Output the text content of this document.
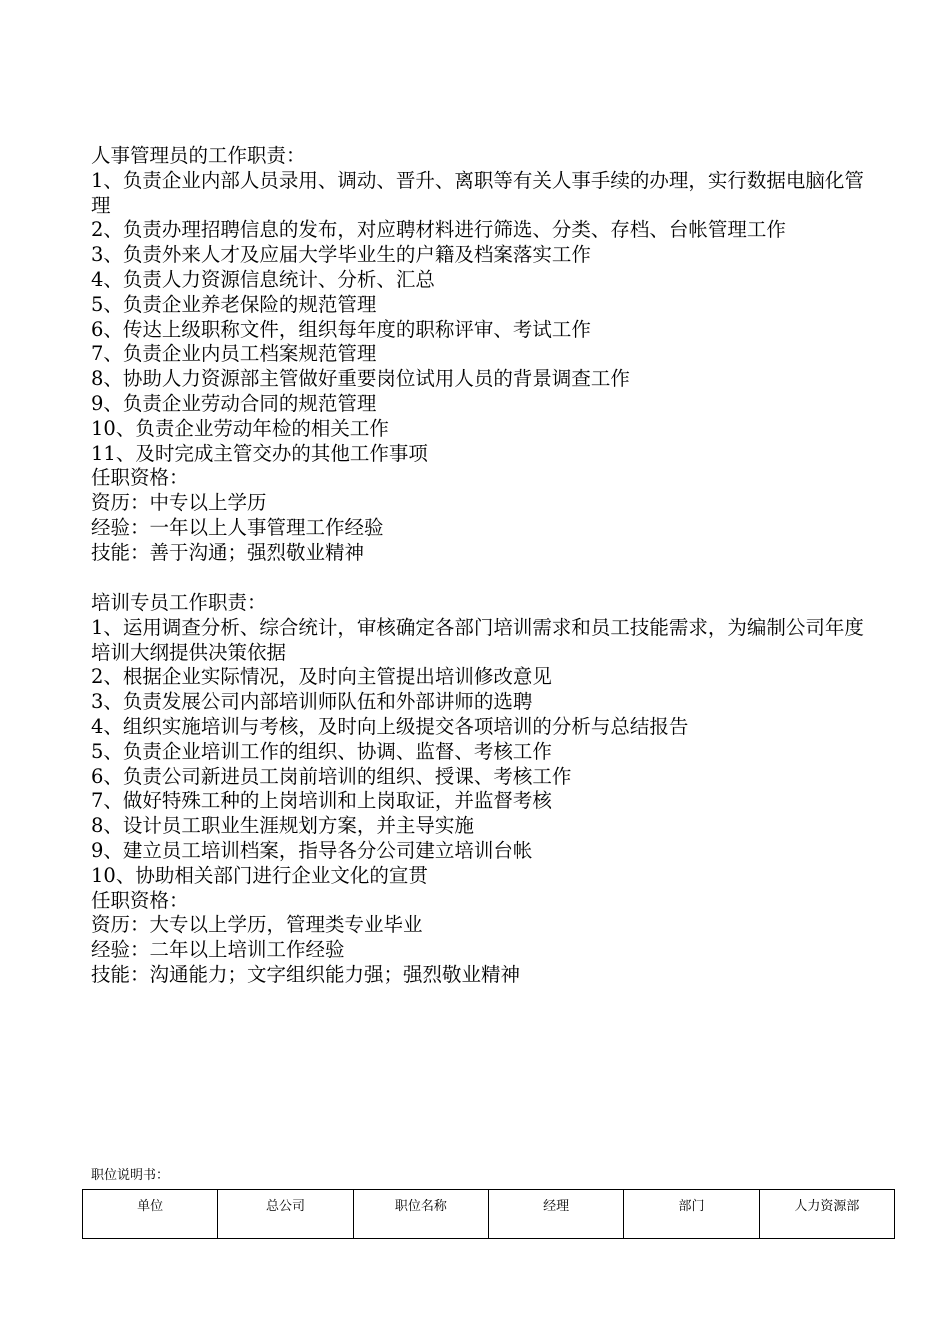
人事管理员的工作职责：

1、负责企业内部人员录用、调动、晋升、离职等有关人事手续的办理，实行数据电脑化管理

2、负责办理招聘信息的发布，对应聘材料进行筛选、分类、存档、台帐管理工作

3、负责外来人才及应届大学毕业生的户籍及档案落实工作

4、负责人力资源信息统计、分析、汇总

5、负责企业养老保险的规范管理

6、传达上级职称文件，组织每年度的职称评审、考试工作

7、负责企业内员工档案规范管理

8、协助人力资源部主管做好重要岗位试用人员的背景调查工作

9、负责企业劳动合同的规范管理

10、负责企业劳动年检的相关工作

11、及时完成主管交办的其他工作事项

任职资格：

资历：中专以上学历

经验：一年以上人事管理工作经验

技能：善于沟通；强烈敬业精神

培训专员工作职责：

1、运用调查分析、综合统计，审核确定各部门培训需求和员工技能需求，为编制公司年度培训大纲提供决策依据

2、根据企业实际情况，及时向主管提出培训修改意见

3、负责发展公司内部培训师队伍和外部讲师的选聘

4、组织实施培训与考核，及时向上级提交各项培训的分析与总结报告

5、负责企业培训工作的组织、协调、监督、考核工作

6、负责公司新进员工岗前培训的组织、授课、考核工作

7、做好特殊工种的上岗培训和上岗取证，并监督考核

8、设计员工职业生涯规划方案，并主导实施

9、建立员工培训档案，指导各分公司建立培训台帐

10、协助相关部门进行企业文化的宣贯

任职资格：

资历：大专以上学历，管理类专业毕业

经验：二年以上培训工作经验

技能：沟通能力；文字组织能力强；强烈敬业精神

职位说明书：

单位	总公司	职位名称	经理	部门	人力资源部
